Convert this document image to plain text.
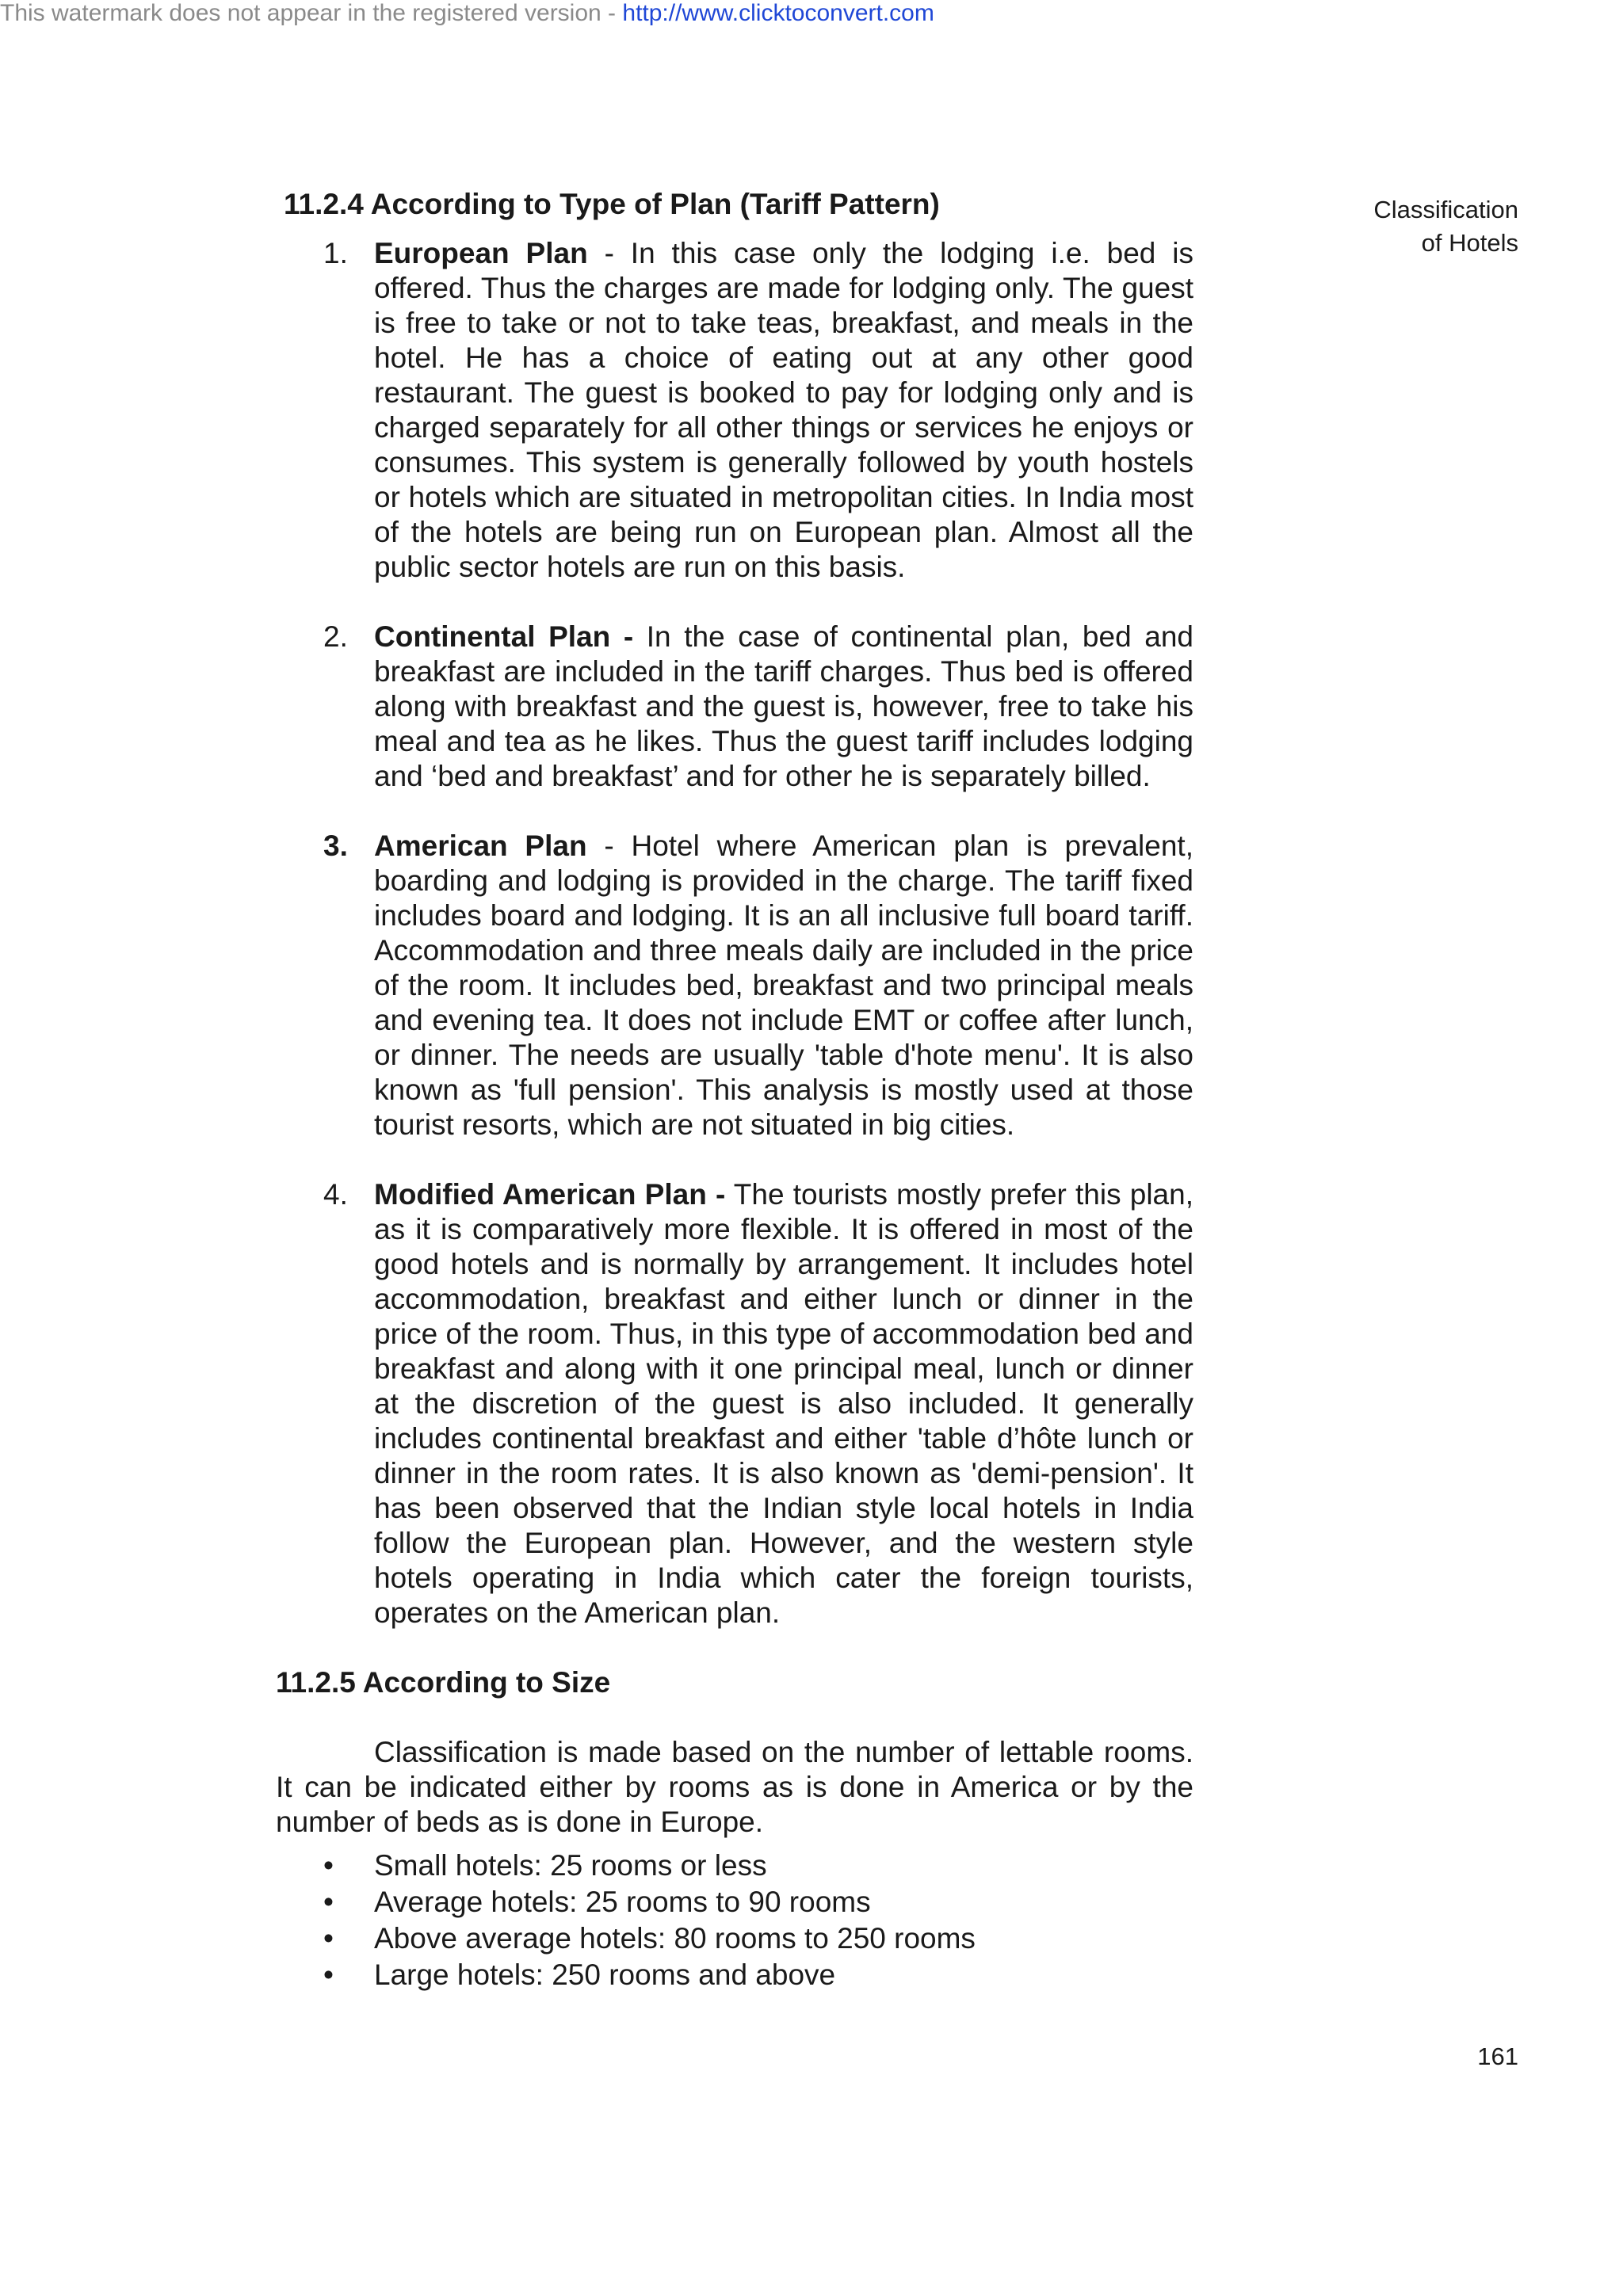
This watermark does not appear in the registered version - http://www.clicktoconvert.com
Classification
of Hotels
161
11.2.4 According to Type of Plan (Tariff Pattern)
1. European Plan - In this case only the lodging i.e. bed is offered. Thus the charges are made for lodging only. The guest is free to take or not to take teas, breakfast, and meals in the hotel. He has a choice of eating out at any other good restaurant. The guest is booked to pay for lodging only and is charged separately for all other things or services he enjoys or consumes. This system is generally followed by youth hostels or hotels which are situated in metropolitan cities. In India most of the hotels are being run on European plan. Almost all the public sector hotels are run on this basis.
2. Continental Plan - In the case of continental plan, bed and breakfast are included in the tariff charges. Thus bed is offered along with breakfast and the guest is, however, free to take his meal and tea as he likes. Thus the guest tariff includes lodging and ‘bed and breakfast’ and for other he is separately billed.
3. American Plan - Hotel where American plan is prevalent, boarding and lodging is provided in the charge. The tariff fixed includes board and lodging. It is an all inclusive full board tariff. Accommodation and three meals daily are included in the price of the room. It includes bed, breakfast and two principal meals and evening tea. It does not include EMT or coffee after lunch, or dinner. The needs are usually 'table d'hote menu'. It is also known as 'full pension'. This analysis is mostly used at those tourist resorts, which are not situated in big cities.
4. Modified American Plan - The tourists mostly prefer this plan, as it is comparatively more flexible. It is offered in most of the good hotels and is normally by arrangement. It includes hotel accommodation, breakfast and either lunch or dinner in the price of the room. Thus, in this type of accommodation bed and breakfast and along with it one principal meal, lunch or dinner at the discretion of the guest is also included. It generally includes continental breakfast and either 'table d’hôte lunch or dinner in the room rates. It is also known as 'demi-pension'. It has been observed that the Indian style local hotels in India follow the European plan. However, and the western style hotels operating in India which cater the foreign tourists, operates on the American plan.
11.2.5 According to Size

Classification is made based on the number of lettable rooms. It can be indicated either by rooms as is done in America or by the number of beds as is done in Europe.

• Small hotels: 25 rooms or less
• Average hotels: 25 rooms to 90 rooms
• Above average hotels: 80 rooms to 250 rooms
• Large hotels: 250 rooms and above
